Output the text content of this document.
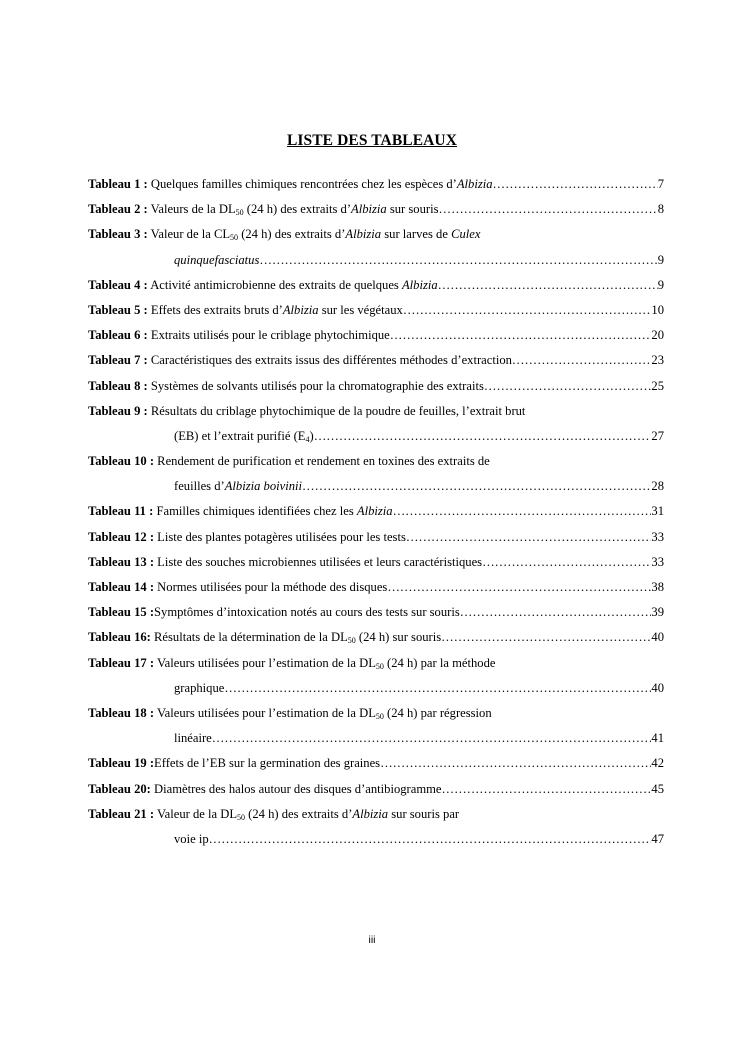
LISTE DES TABLEAUX
Tableau 1 : Quelques familles chimiques rencontrées chez les espèces d’Albizia …………………………………………………………………………………………………………………………………………………………………………………	7
Tableau 2 : Valeurs de la $DL_{50}$ (24 h) des extraits d’Albizia sur souris …………………………………………………………………………………………………………………………………………………………………………………	8
Tableau 3 : Valeur de la $CL_{50}$ (24 h) des extraits d’Albizia sur larves de Culex
quinquefasciatus …………………………………………………………………………………………………………………………………………………………………………………	9
Tableau 4 : Activité antimicrobienne des extraits de quelques Albizia …………………………………………………………………………………………………………………………………………………………………………………	9
Tableau 5 : Effets des extraits bruts d’Albizia sur les végétaux …………………………………………………………………………………………………………………………………………………………………………………	10
Tableau 6 : Extraits utilisés pour le criblage phytochimique …………………………………………………………………………………………………………………………………………………………………………………	20
Tableau 7 : Caractéristiques des extraits issus des différentes méthodes d’extraction …………………………………………………………………………………………………………………………………………………………………………………	23
Tableau 8 : Systèmes de solvants utilisés pour la chromatographie des extraits …………………………………………………………………………………………………………………………………………………………………………………	25
Tableau 9 : Résultats du criblage phytochimique de la poudre de feuilles, l’extrait brut
(EB) et l’extrait purifié $(E_4)$ …………………………………………………………………………………………………………………………………………………………………………………	27
Tableau 10 : Rendement de purification et rendement en toxines des extraits de
feuilles d’Albizia boivinii …………………………………………………………………………………………………………………………………………………………………………………	28
Tableau 11 : Familles chimiques identifiées chez les Albizia …………………………………………………………………………………………………………………………………………………………………………………	31
Tableau 12 : Liste des plantes potagères utilisées pour les tests …………………………………………………………………………………………………………………………………………………………………………………	33
Tableau 13 : Liste des souches microbiennes utilisées et leurs caractéristiques …………………………………………………………………………………………………………………………………………………………………………………	33
Tableau 14 : Normes utilisées pour la méthode des disques …………………………………………………………………………………………………………………………………………………………………………………	38
Tableau 15 :Symptômes d’intoxication notés au cours des tests sur souris …………………………………………………………………………………………………………………………………………………………………………………	39
Tableau 16: Résultats de la détermination de la $DL_{50}$ (24 h) sur souris …………………………………………………………………………………………………………………………………………………………………………………	40
Tableau 17 : Valeurs utilisées pour l’estimation de la $DL_{50}$ (24 h) par la méthode
graphique …………………………………………………………………………………………………………………………………………………………………………………	40
Tableau 18 : Valeurs utilisées pour l’estimation de la $DL_{50}$ (24 h) par régression
linéaire …………………………………………………………………………………………………………………………………………………………………………………	41
Tableau 19 :Effets de l’EB sur la germination des graines …………………………………………………………………………………………………………………………………………………………………………………	42
Tableau 20: Diamètres des halos autour des disques d’antibiogramme …………………………………………………………………………………………………………………………………………………………………………………	45
Tableau 21 : Valeur de la $DL_{50}$ (24 h) des extraits d’Albizia sur souris par
voie ip …………………………………………………………………………………………………………………………………………………………………………………	47
iii
